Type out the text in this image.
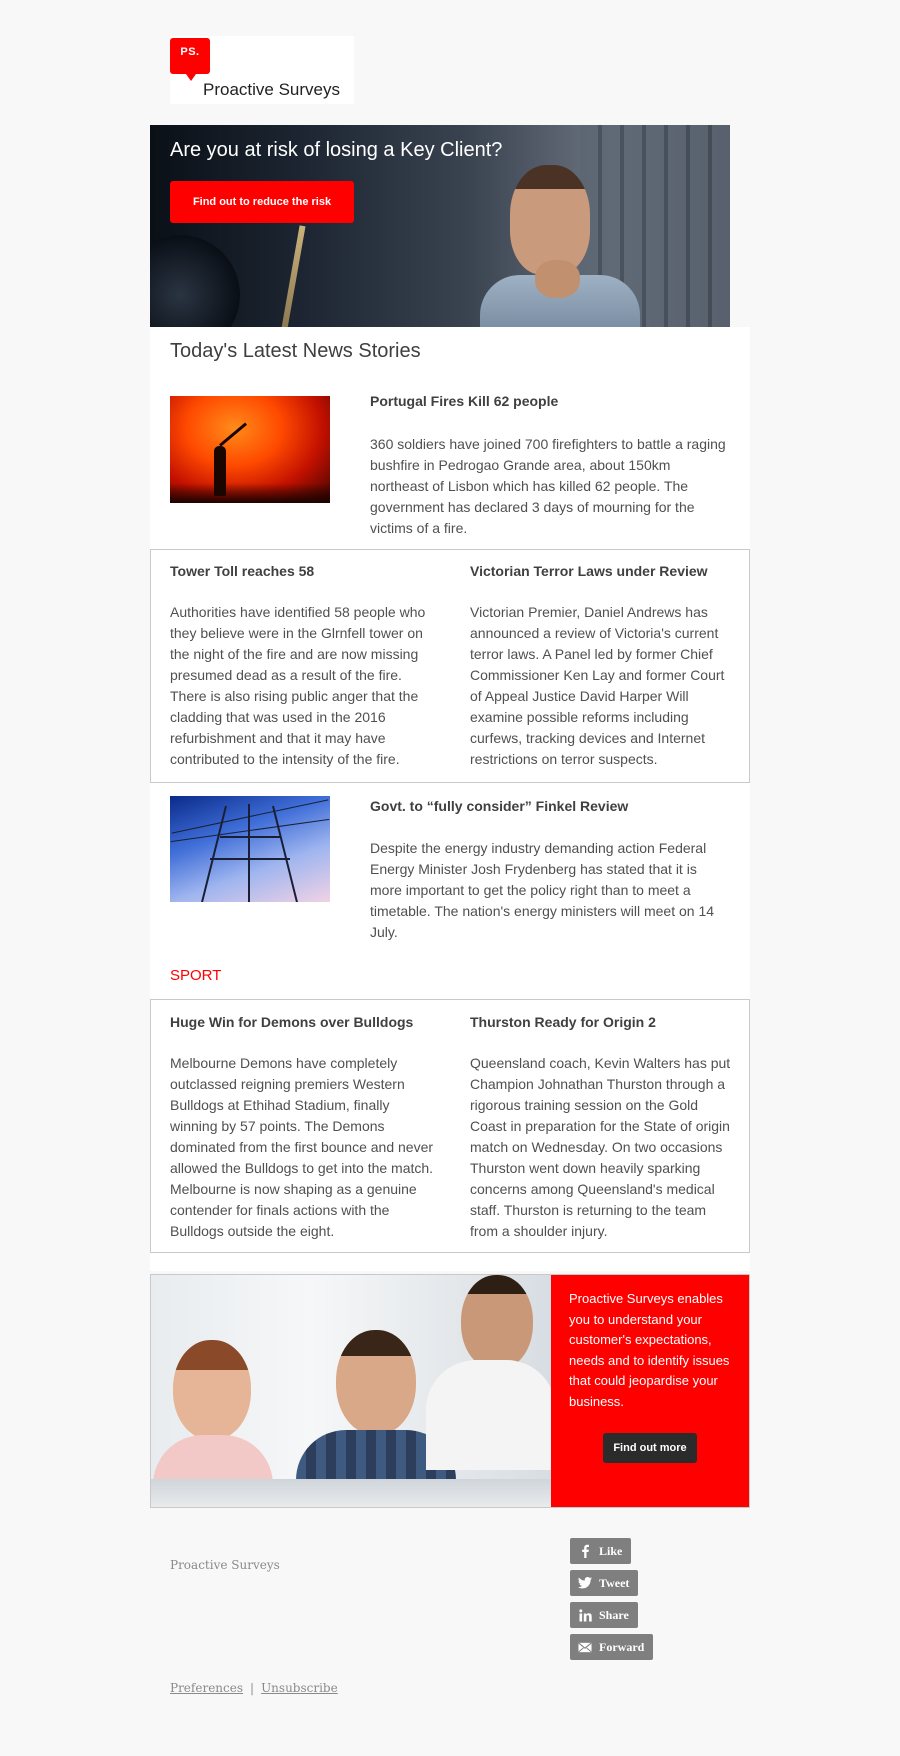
PS.
Proactive Surveys
Are you at risk of losing a Key Client?
Find out to reduce the risk
Today's Latest News Stories
Portugal Fires Kill 62 people
360 soldiers have joined 700 firefighters to battle a raging bushfire in Pedrogao Grande area, about 150km northeast of Lisbon which has killed 62 people. The government has declared 3 days of mourning for the victims of a fire.
Tower Toll reaches 58
Authorities have identified 58 people who they believe were in the Glrnfell tower on the night of the fire and are now missing presumed dead as a result of the fire. There is also rising public anger that the cladding that was used in the 2016 refurbishment and that it may have contributed to the intensity of the fire.
Victorian Terror Laws under Review
Victorian Premier, Daniel Andrews has announced a review of Victoria's current terror laws. A Panel led by former Chief Commissioner Ken Lay and former Court of Appeal Justice David Harper Will examine possible reforms including curfews, tracking devices and Internet restrictions on terror suspects.
Govt. to “fully consider” Finkel Review
Despite the energy industry demanding action Federal Energy Minister Josh Frydenberg has stated that it is more important to get the policy right than to meet a timetable. The nation's energy ministers will meet on 14 July.
SPORT
Huge Win for Demons over Bulldogs
Melbourne Demons have completely outclassed reigning premiers Western Bulldogs at Ethihad Stadium, finally winning by 57 points. The Demons dominated from the first bounce and never allowed the Bulldogs to get into the match. Melbourne is now shaping as a genuine contender for finals actions with the Bulldogs outside the eight.
Thurston Ready for Origin 2
Queensland coach, Kevin Walters has put Champion Johnathan Thurston through a rigorous training session on the Gold Coast in preparation for the State of origin match on Wednesday. On two occasions Thurston went down heavily sparking concerns among Queensland's medical staff. Thurston is returning to the team from a shoulder injury.
Proactive Surveys enables you to understand your customer's expectations, needs and to identify issues that could jeopardise your business.
Find out more
Proactive Surveys
Like
Tweet
Share
Forward
Preferences | Unsubscribe
